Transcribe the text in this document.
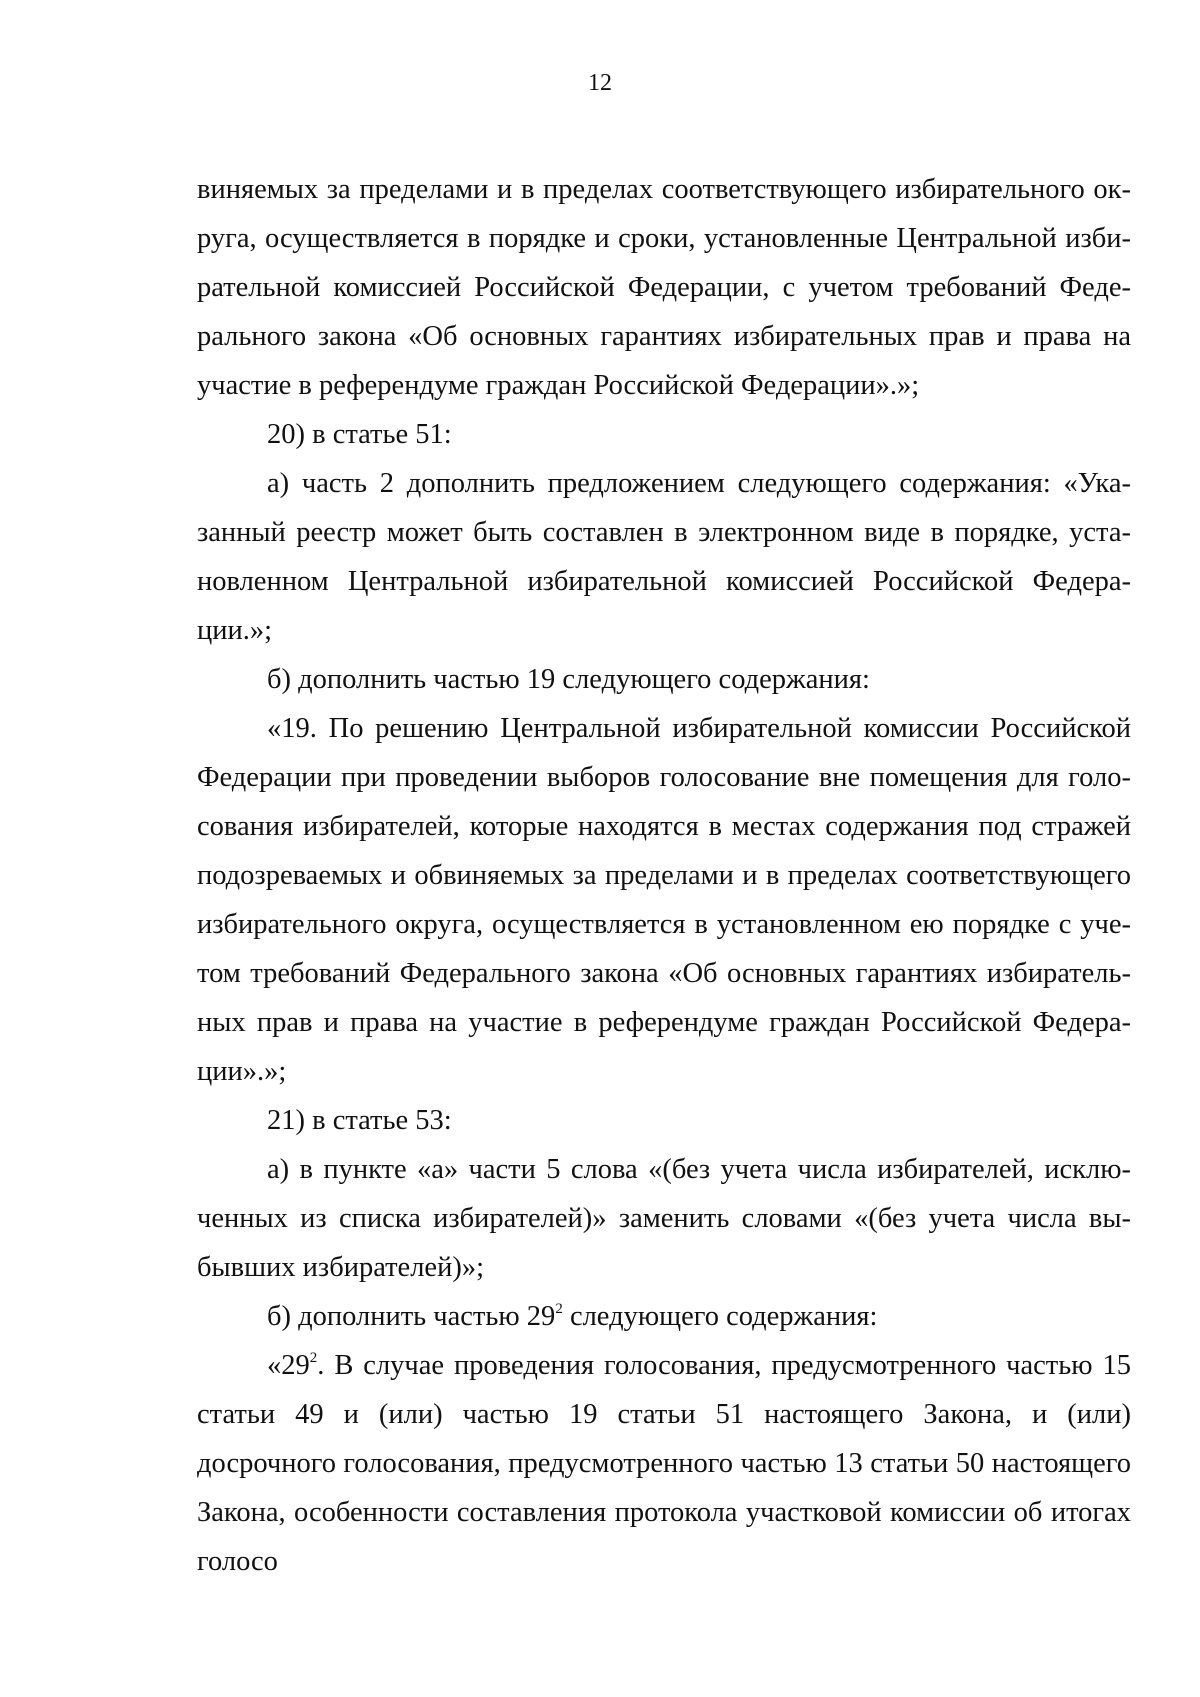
12

виняемых за пределами и в пределах соответствующего избирательного округа, осуществляется в порядке и сроки, установленные Центральной избирательной комиссией Российской Федерации, с учетом требований Федерального закона «Об основных гарантиях избирательных прав и права на участие в референдуме граждан Российской Федерации».»;

20) в статье 51:

а) часть 2 дополнить предложением следующего содержания: «Указанный реестр может быть составлен в электронном виде в порядке, установленном Центральной избирательной комиссией Российской Федерации.»;

б) дополнить частью 19 следующего содержания:

«19. По решению Центральной избирательной комиссии Российской Федерации при проведении выборов голосование вне помещения для голосования избирателей, которые находятся в местах содержания под стражей подозреваемых и обвиняемых за пределами и в пределах соответствующего избирательного округа, осуществляется в установленном ею порядке с учетом требований Федерального закона «Об основных гарантиях избирательных прав и права на участие в референдуме граждан Российской Федерации».»;

21) в статье 53:

а) в пункте «а» части 5 слова «(без учета числа избирателей, исключенных из списка избирателей)» заменить словами «(без учета числа выбывших избирателей)»;

б) дополнить частью $29^2$ следующего содержания:

«$29^2$. В случае проведения голосования, предусмотренного частью 15 статьи 49 и (или) частью 19 статьи 51 настоящего Закона, и (или) досрочного голосования, предусмотренного частью 13 статьи 50 настоящего Закона, особенности составления протокола участковой комиссии об итогах голосо
